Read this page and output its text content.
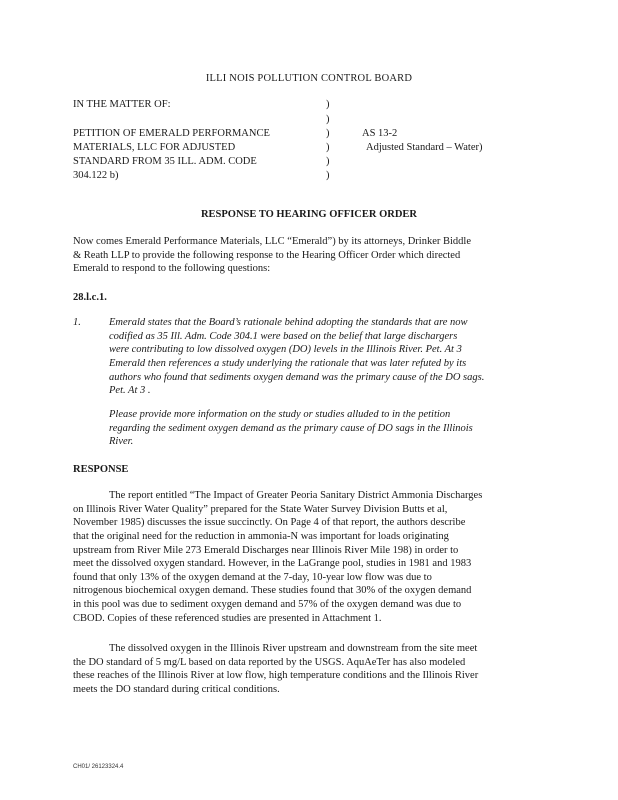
ILLI NOIS POLLUTION CONTROL BOARD
IN THE MATTER OF:
PETITION OF EMERALD PERFORMANCE
MATERIALS, LLC FOR ADJUSTED
STANDARD FROM 35 ILL. ADM. CODE
304.122 b)
)
)
)
)
)
)
AS 13-2
Adjusted Standard – Water)
RESPONSE TO HEARING OFFICER ORDER
Now comes Emerald Performance Materials, LLC “Emerald”) by its attorneys, Drinker Biddle
& Reath LLP to provide the following response to the Hearing Officer Order which directed
Emerald to respond to the following questions:
28.l.c.1.
1.	Emerald states that the Board’s rationale behind adopting the standards that are now
codified as 35 Ill. Adm. Code 304.1 were based on the belief that large dischargers
were contributing to low dissolved oxygen (DO) levels in the Illinois River. Pet. At 3
Emerald then references a study underlying the rationale that was later refuted by its
authors who found that sediments oxygen demand was the primary cause of the DO sags.
Pet. At 3 .
Please provide more information on the study or studies alluded to in the petition
regarding the sediment oxygen demand as the primary cause of DO sags in the Illinois
River.
RESPONSE
The report entitled “The Impact of Greater Peoria Sanitary District Ammonia Discharges
on Illinois River Water Quality” prepared for the State Water Survey Division Butts et al,
November 1985) discusses the issue succinctly. On Page 4 of that report, the authors describe
that the original need for the reduction in ammonia-N was important for loads originating
upstream from River Mile 273 Emerald Discharges near Illinois River Mile 198) in order to
meet the dissolved oxygen standard. However, in the LaGrange pool, studies in 1981 and 1983
found that only 13% of the oxygen demand at the 7-day, 10-year low flow was due to
nitrogenous biochemical oxygen demand. These studies found that 30% of the oxygen demand
in this pool was due to sediment oxygen demand and 57% of the oxygen demand was due to
CBOD. Copies of these referenced studies are presented in Attachment 1.
The dissolved oxygen in the Illinois River upstream and downstream from the site meet
the DO standard of 5 mg/L based on data reported by the USGS. AquAeTer has also modeled
these reaches of the Illinois River at low flow, high temperature conditions and the Illinois River
meets the DO standard during critical conditions.
CH01/ 26123324.4
